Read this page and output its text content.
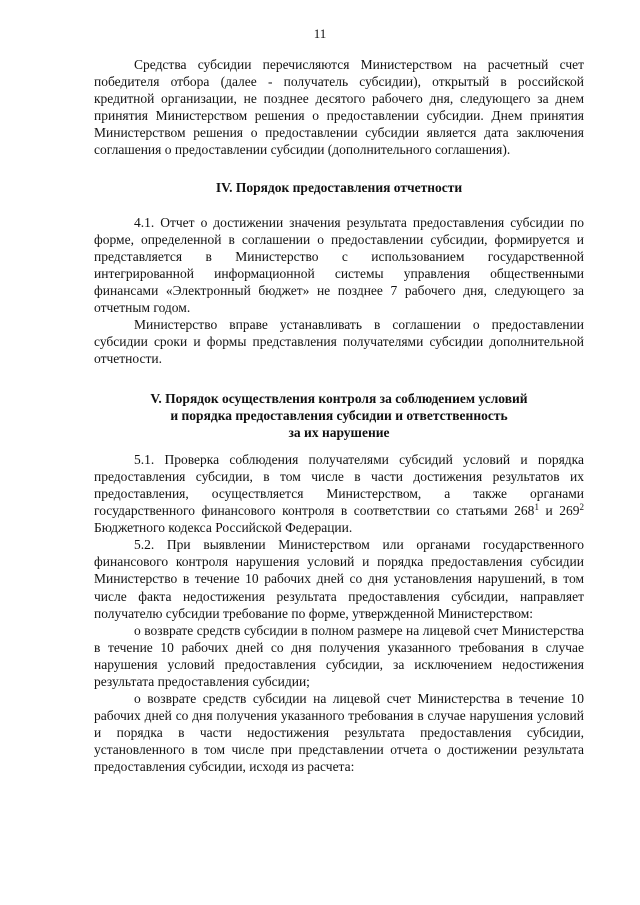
11

Средства субсидии перечисляются Министерством на расчетный счет победителя отбора (далее - получатель субсидии), открытый в российской кредитной организации, не позднее десятого рабочего дня, следующего за днем принятия Министерством решения о предоставлении субсидии. Днем принятия Министерством решения о предоставлении субсидии является дата заключения соглашения о предоставлении субсидии (дополнительного соглашения).

IV. Порядок предоставления отчетности

4.1. Отчет о достижении значения результата предоставления субсидии по форме, определенной в соглашении о предоставлении субсидии, формируется и представляется в Министерство с использованием государственной интегрированной информационной системы управления общественными финансами «Электронный бюджет» не позднее 7 рабочего дня, следующего за отчетным годом.

Министерство вправе устанавливать в соглашении о предоставлении субсидии сроки и формы представления получателями субсидии дополнительной отчетности.

V. Порядок осуществления контроля за соблюдением условий
и порядка предоставления субсидии и ответственность
за их нарушение

5.1. Проверка соблюдения получателями субсидий условий и порядка предоставления субсидии, в том числе в части достижения результатов их предоставления, осуществляется Министерством, а также органами государственного финансового контроля в соответствии со статьями $268^1$ и $269^2$ Бюджетного кодекса Российской Федерации.

5.2. При выявлении Министерством или органами государственного финансового контроля нарушения условий и порядка предоставления субсидии Министерство в течение 10 рабочих дней со дня установления нарушений, в том числе факта недостижения результата предоставления субсидии, направляет получателю субсидии требование по форме, утвержденной Министерством:

о возврате средств субсидии в полном размере на лицевой счет Министерства в течение 10 рабочих дней со дня получения указанного требования в случае нарушения условий предоставления субсидии, за исключением недостижения результата предоставления субсидии;

о возврате средств субсидии на лицевой счет Министерства в течение 10 рабочих дней со дня получения указанного требования в случае нарушения условий и порядка в части недостижения результата предоставления субсидии, установленного в том числе при представлении отчета о достижении результата предоставления субсидии, исходя из расчета:
